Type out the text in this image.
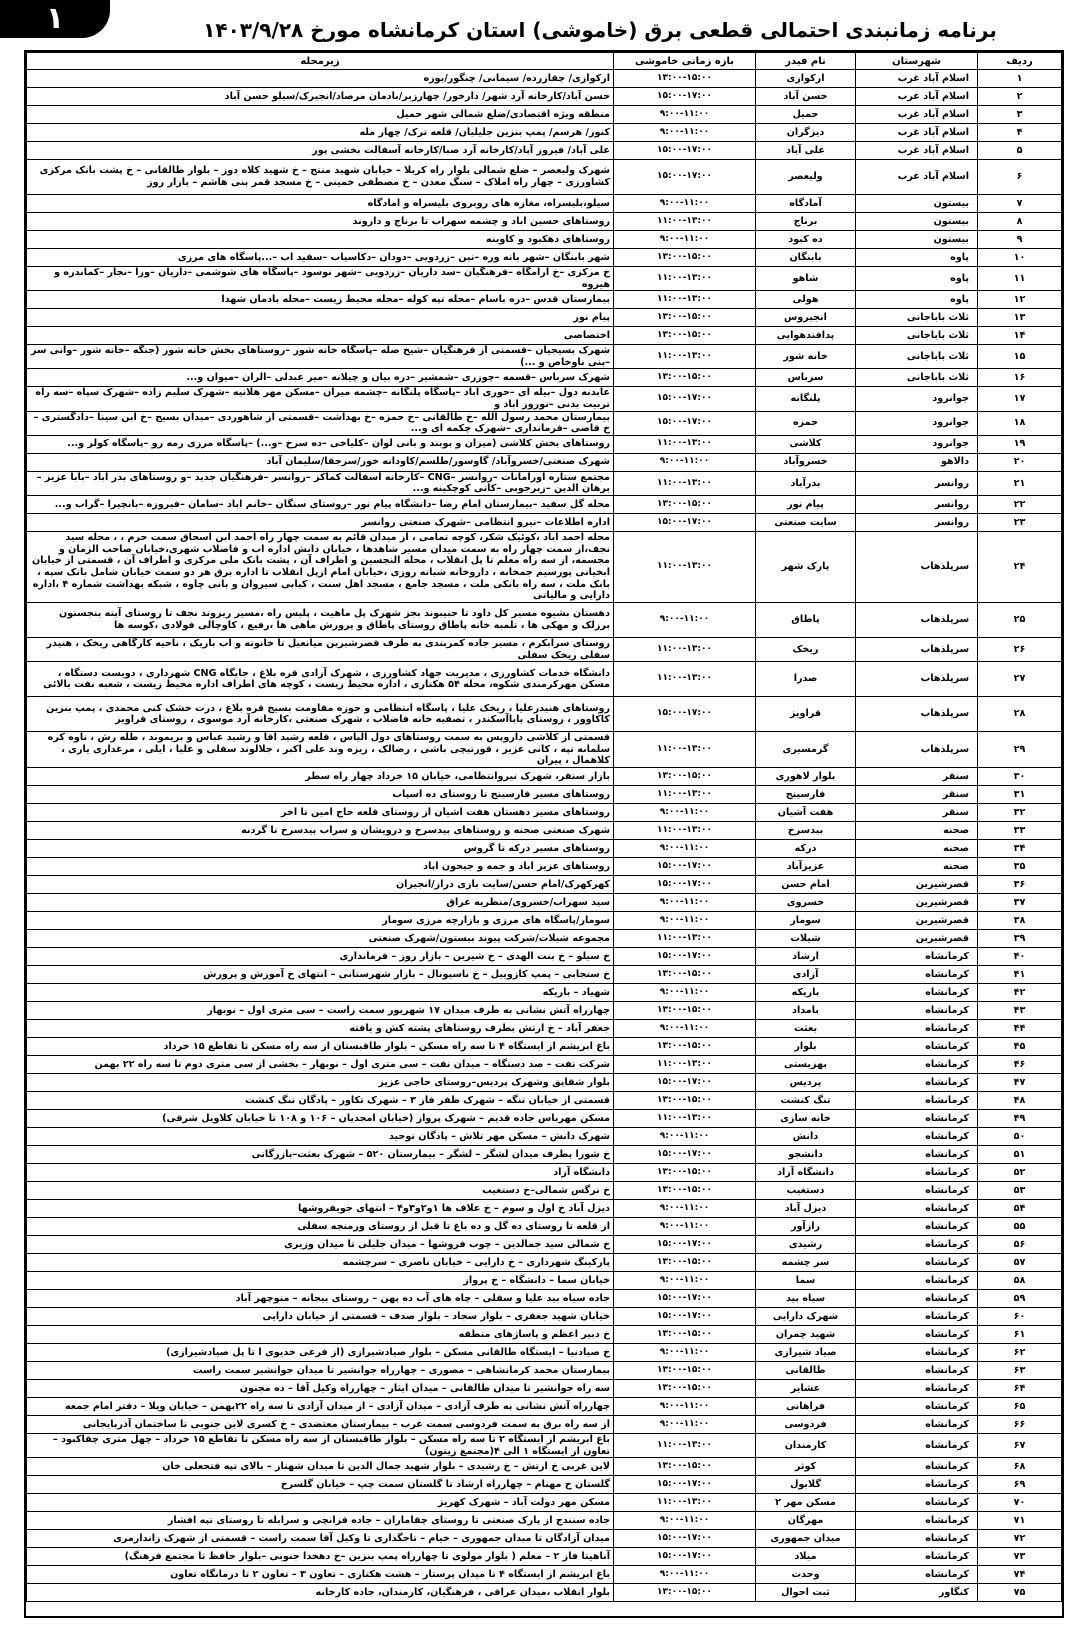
۱	برنامه زمانبندی احتمالی قطعی برق (خاموشی) استان کرمانشاه مورخ ۱۴۰۳/۹/۲۸
ردیف	شهرستان	نام فیدر	بازه زمانی خاموشی	زیرمحله
۱	اسلام آباد غرب	ارکوازی	۱۳:۰۰-۱۵:۰۰	ارکوازی/ چقازرده/ سیمانی/ چنگور/بوزه
۲	اسلام آباد غرب	حسن آباد	۱۵:۰۰-۱۷:۰۰	حسن آباد/کارخانه آرد شهر/ دارخور/ چهارزبر/بادمان مرصاد/انجیرک/سیلو حسن آباد
۳	اسلام آباد غرب	حمیل	۹:۰۰-۱۱:۰۰	منطقه ویژه اقتصادی/ضلع شمالی شهر حمیل
۴	اسلام آباد غرب	دیزگران	۹:۰۰-۱۱:۰۰	کنور/ هرسم/ پمپ بنزین جلیلیان/ قلعه ترک/ چهار مله
۵	اسلام آباد غرب	علی آباد	۱۵:۰۰-۱۷:۰۰	علی آباد/ فیروز آباد/کارخانه آرد صبا/کارخانه آسفالت بخشی پور
۶	اسلام آباد غرب	ولیعصر	۱۵:۰۰-۱۷:۰۰	شهرک ولیعصر – ضلع شمالی بلوار راه کربلا – خیابان شهید منتج – خ شهید کلاه دوز – بلوار طالقانی – خ پشت بانک مرکزی کشاورزی – چهار راه املاک – سنگ معدن – خ مصطفی خمینی – خ مسجد قمر بنی هاشم – بازار روز
۷	بیستون	آمادگاه	۹:۰۰-۱۱:۰۰	سیلو،بلیسراه، مغازه های روبروی بلیسراه و امادگاه
۸	بیستون	برناج	۱۱:۰۰-۱۳:۰۰	روستاهای حسین اباد و چشمه سهراب تا برناج و داروند
۹	بیستون	ده کبود	۹:۰۰-۱۱:۰۰	روستاهای دهکبود و کاوینه
۱۰	پاوه	بابنگان	۱۳:۰۰-۱۵:۰۰	شهر بابنگان –شهر بانه وره –نین –زردویی –دودان –دکاسیاب –سفید اب –...پاسگاه های مرزی
۱۱	پاوه	شاهو	۱۱:۰۰-۱۳:۰۰	خ مرکزی –خ آرامگاه –فرهنگیان –سد داریان –زردویی –شهر نوسود –پاسگاه های شوشمی –داریان –ورا –نجار –کماندره و هیروه
۱۲	پاوه	هولی	۱۱:۰۰-۱۳:۰۰	بیمارستان قدس –دره باسام –محله تپه کوله –محله محیط زیست –محله بادمان شهدا
۱۳	ثلاث باباجانی	انجیروس	۱۳:۰۰-۱۵:۰۰	پیام نور
۱۴	ثلاث باباجانی	پدافندهوایی	۱۳:۰۰-۱۵:۰۰	اختصاصی
۱۵	ثلاث باباجانی	خانه شور	۱۱:۰۰-۱۳:۰۰	شهرک بسیجیان –قسمتی از فرهنگیان –شیخ صله –پاسگاه خانه شور –روستاهای بخش خانه شور (جنگه –خانه شور –وانی سر –بنی ناوخاص و ...)
۱۶	ثلاث باباجانی	سرباس	۱۳:۰۰-۱۵:۰۰	شهرک سرباس –قسمه –چوزری –شمشیر –دره بیان و چیلانه –میر عبدلی –الران –میوان و...
۱۷	جوانرود	پلنگانه	۱۵:۰۰-۱۷:۰۰	عابدنه دول –بیله ای –حوری اباد –پاسگاه پلنگانه –چشمه میران –مسکن مهر هلانیه –شهرک سلیم زاده –شهرک سپاه –سه راه تربیت بدنی –نوروز اباد و
۱۸	جوانرود	حمزه	۱۵:۰۰-۱۷:۰۰	بیمارستان محمد رسول الله –خ طالقانی –خ حمزه –خ بهداشت –قسمتی از شاهوردی –میدان بسیج –خ ابن سینا –دادگستری –خ قاضی –فرمانداری –شهرک چکمه ای و...
۱۹	جوانرود	کلاشی	۱۱:۰۰-۱۳:۰۰	روستاهای بخش کلاشی (میزان و بوبند و بانی لوان –کلیاخی –ده سرخ –و...) –پاسگاه مرزی رمه رو –پاسگاه کولر و...
۲۰	دالاهو	خسروآباد	۹:۰۰-۱۱:۰۰	شهرک صنعتی/خسروآباد/ گاوسور/طلسم/کاودانه خور/سرجقا/سلیمان آباد
۲۱	روانسر	بدرآباد	۱۱:۰۰-۱۳:۰۰	مجتمع ستاره اورامانات –روانسر –CNG –کارخانه آسفالت کماکز –روانسر –فرهنگیان جدید –و روستاهای بدر اباد –بابا عزیز –برهان الدین –زبرجوبی –کانی کوچکینه و...
۲۲	روانسر	پیام نور	۱۳:۰۰-۱۵:۰۰	محله گل سفید –بیمارستان امام رضا –دانشگاه پیام نور –روستای سنگان –خانم اباد –سامان –فیروزه –بانچیرا –گراب و...
۲۳	روانسر	سایت صنعتی	۱۵:۰۰-۱۷:۰۰	اداره اطلاعات –نیرو انتظامی –شهرک صنعتی روانسر
۲۴	سرپلذهاب	پارک شهر	۱۱:۰۰-۱۳:۰۰	محله احمد آباد ،کوئیک شکر، کوچه تمامی ، از میدان قائم به سمت چهار راه احمد ابن اسحاق سمت حرم ، ، محله سید نجف،از سمت چهار راه به سمت میدان مسیر شاهدها ، خیابان دانش اداره اب و فاضلاب شهری،خیابان صاحب الزمان و مجسمه، از سه راه معلم تا پل انقلاب ، محله النجسین و اطراف آن ، پشت بانک ملی مرکزی و اطراف آن ، قسمتی از خیابان ابخیانی پورسیم جمخانه ، داروخانه شبانه روزی ،خیابان امام ازپل انقلاب تا اداره برق هر دو سمت خیابان شامل بانک سپه ، بانک ملت ، سه راه بانکی ملت ، مسجد جامع ، مسجد اهل سنت ، کبابی سیروان و بانی چاوه ، شبکه بهداشت شماره ۴ ،اداره دارایی و مالیاتی
۲۵	سرپلذهاب	پاطاق	۹:۰۰-۱۱:۰۰	دهستان بشیوه مسیر کل داود تا حبیبوند بجز شهرک پل ماهیت ، پلیس راه ،مسیر ریزوند نجف تا روستای آینه بنجستون برزلک و مهکی ها ، تلمبه خانه پاطاق روستای پاطاق و پرورش ماهی ها ،رفیع ، کاوچالی فولادی ،کوسه ها
۲۶	سرپلذهاب	ریخک	۱۱:۰۰-۱۳:۰۰	روستای سرابکرم ، مسیر جاده کمربندی به طرف قصرشیرین میانعیل تا خانوته و اب باریک ، ناحیه کارگاهی ریخک ، هنیدر سفلی ریخک سفلی
۲۷	سرپلذهاب	صدرا	۱۱:۰۰-۱۳:۰۰	دانشگاه خدمات کشاورزی ، مدیریت جهاد کشاورزی ، شهرک آزادی قره بلاغ ، جایگاه CNG شهرداری ، دویست دستگاه ، مسکن مهرکرمندی شکوه، محله ۵۴ هکتاری ، اداره محیط زیست ، کوچه های اطراف اداره محیط زیست ، شعبه نفت بالائی
۲۸	سرپلذهاب	قراویز	۱۵:۰۰-۱۷:۰۰	روستاهای هنیدرعلیا ، ریخک علیا ، پاسگاه انتظامی و حوزه مقاومت بسیج قره بلاغ ، درت خشک کنی محمدی ، پمپ بنزین کاکاوور ، روستای باباآسکندر ، تصفیه خانه فاضلاب ، شهرک صنعتی ،کارخانه آرد موسوی ، روستای قراویز
۲۹	سرپلذهاب	گرمسیری	۱۱:۰۰-۱۳:۰۰	قسمتی از کلاشی داروپس به سمت روستاهای دول الیاس ، قلعه رشید آقا و رشید عباس و بریموند ، طله رش ، ناوه کره سلمانه تپه ، کانی عزیز ، قورتیچی باشی ، رضالک ، ریزه وند علی اکبر ، جلالوند سفلی و علیا ، ایلی ، مرغداری یاری ، کلاهمال ، پیران
۳۰	سنقر	بلوار لاهوری	۱۳:۰۰-۱۵:۰۰	بازار سنقر، شهرک نیروانتظامی، خیابان ۱۵ خرداد چهار راه سطر
۳۱	سنقر	فارسینج	۱۱:۰۰-۱۳:۰۰	روستاهای مسیر فارسینج تا روستای ده اسپاب
۳۲	سنقر	هفت آشیان	۹:۰۰-۱۱:۰۰	روستاهای مسیر دهستان هفت اشیان از روستای قلعه حاج امین تا اخر
۳۳	صحنه	بیدسرخ	۱۱:۰۰-۱۳:۰۰	شهرک صنعتی صحنه و روستاهای بیدسرخ و درویشان و سراب بیدسرخ تا گردنه
۳۴	صحنه	درکه	۹:۰۰-۱۱:۰۰	روستاهای مسیر درکه تا گروس
۳۵	صحنه	عزیزآباد	۱۵:۰۰-۱۷:۰۰	روستاهای عزیز اباد و جمه و جیحون اباد
۳۶	قصرشیرین	امام حسن	۱۵:۰۰-۱۷:۰۰	کهرکهرک/امام حسن/سایت بازی دراز/انجیران
۳۷	قصرشیرین	خسروی	۹:۰۰-۱۱:۰۰	سید سهراب/خسروی/منظریه عراق
۳۸	قصرشیرین	سومار	۹:۰۰-۱۱:۰۰	سومار/پاسگاه های مرزی و بازارچه مرزی سومار
۳۹	قصرشیرین	شیلات	۱۱:۰۰-۱۳:۰۰	مجموعه شیلات/شرکت پیوند بیستون/شهرک صنعتی
۴۰	کرمانشاه	ارشاد	۱۵:۰۰-۱۷:۰۰	خ سیلو – خ بنت الهدی – خ شیرین – بازار روز – فرمانداری
۴۱	کرمانشاه	آزادی	۱۳:۰۰-۱۵:۰۰	خ سنجابی – پمپ کازوییل – خ ناسیونال – بازار شهرستانی – انتهای خ آموزش و پرورش
۴۲	کرمانشاه	باریکه	۹:۰۰-۱۱:۰۰	شهیاد – باریکه
۴۳	کرمانشاه	بامداد	۱۳:۰۰-۱۵:۰۰	چهارراه آتش نشانی به طرف میدان ۱۷ شهریور سمت راست – سی متری اول – نوبهار
۴۴	کرمانشاه	بعثت	۹:۰۰-۱۱:۰۰	جعفر آباد – خ ارتش بطرف روستاهای پشته کش و یافته
۴۵	کرمانشاه	بلوار	۱۳:۰۰-۱۵:۰۰	باغ ابریشم از ایستگاه ۴ تا سه راه مسکن – بلوار طاقبستان از سه راه مسکن تا تقاطع ۱۵ خرداد
۴۶	کرمانشاه	بهزیستی	۱۱:۰۰-۱۳:۰۰	شرکت نفت – صد دستگاه – میدان نفت – سی متری اول – نوبهار – بخشی از سی متری دوم تا سه راه ۲۲ بهمن
۴۷	کرمانشاه	پردیس	۱۵:۰۰-۱۷:۰۰	بلوار شقایق وشهرک پردیس–روستای حاجی عزیز
۴۸	کرمانشاه	تنگ کنشت	۱۳:۰۰-۱۵:۰۰	قسمتی از خیابان تنگه – شهرک ظفر فاز ۳ – شهرک تکاور – پادگان تنگ کنشت
۴۹	کرمانشاه	خانه سازی	۱۱:۰۰-۱۳:۰۰	مسکن مهرباس جاده قدیم – شهرک پرواز (خیابان امجدیان – ۱۰۶ و ۱۰۸ تا خیابان کلاویل شرقی)
۵۰	کرمانشاه	دانش	۹:۰۰-۱۱:۰۰	شهرک دانش – مسکن مهر تلاش – پادگان توحید
۵۱	کرمانشاه	دانشجو	۱۵:۰۰-۱۷:۰۰	خ شورا بطرف میدان لشگر – لشگر – بیمارستان ۵۲۰ – شهرک بعثت–بازرگانی
۵۲	کرمانشاه	دانشگاه آزاد	۱۳:۰۰-۱۵:۰۰	دانشگاه آزاد
۵۳	کرمانشاه	دستغیب	۱۳:۰۰-۱۵:۰۰	خ نرگس شمالی–خ دستغیب
۵۴	کرمانشاه	دیزل آباد	۹:۰۰-۱۱:۰۰	دیزل آباد خ اول و سوم – خ علاف ها ۱و۲و۳و۴ – انتهای جویفروشها
۵۵	کرمانشاه	رازآور	۹:۰۰-۱۱:۰۰	از قلعه تا روستای ده گل و ده باغ تا قبل از روستای ورمنجه سفلی
۵۶	کرمانشاه	رشیدی	۱۵:۰۰-۱۷:۰۰	خ شمالی سید جمالدین – چوب فروشها – میدان جلیلی تا میدان وزیری
۵۷	کرمانشاه	سر چشمه	۱۳:۰۰-۱۵:۰۰	پارکینگ شهرداری – خ دارایی – خیابان ناصری – سرچشمه
۵۸	کرمانشاه	سما	۹:۰۰-۱۱:۰۰	خیابان سما – دانشگاه – خ پرواز
۵۹	کرمانشاه	سیاه بید	۱۵:۰۰-۱۷:۰۰	جاده سیاه بید علیا و سفلی – چاه های آب ده پهن – روستای بیجانه – منوچهر آباد
۶۰	کرمانشاه	شهرک دارایی	۱۵:۰۰-۱۷:۰۰	خیابان شهید جعفری – بلوار سجاد – بلوار صدف – قسمتی از خیابان دارایی
۶۱	کرمانشاه	شهید چمران	۱۳:۰۰-۱۵:۰۰	خ دبیر اعظم و پاساژهای منطقه
۶۲	کرمانشاه	صیاد شیرازی	۹:۰۰-۱۱:۰۰	خ صیادنیا – ایستگاه طالقانی مسکن – بلوار صیادشیرازی (از فرعی خدیوی ا تا پل صیادشیرازی)
۶۳	کرمانشاه	طالقانی	۱۳:۰۰-۱۵:۰۰	بیمارستان محمد کرمانشاهی – مصوری – چهارراه جوانشیر تا میدان جوانشیر سمت راست
۶۴	کرمانشاه	عشایر	۱۳:۰۰-۱۵:۰۰	سه راه جوانشیر تا میدان طالقانی – میدان ایثار – چهارراه وکیل آقا – ده مجنون
۶۵	کرمانشاه	فراهانی	۹:۰۰-۱۱:۰۰	چهارراه آتش نشانی به طرف آزادی – میدان آزادی – از میدان آزادی تا سه راه ۲۲بهمن – خیابان ویلا – دفتر امام جمعه
۶۶	کرمانشاه	فردوسی	۹:۰۰-۱۱:۰۰	از سه راه برق به سمت فردوسی سمت غرب – بیمارستان معتضدی – خ کسری لاین جنوبی تا ساختمان آذربایجانی
۶۷	کرمانشاه	کارمندان	۱۱:۰۰-۱۳:۰۰	باغ ابریشم از ایستگاه ۲ تا سه راه مسکن – بلوار طاقبستان از سه راه مسکن تا تقاطع ۱۵ خرداد – چهل متری چقاکبود – تعاون از ایستگاه ۱ الی ۴(مجتمع زیتون)
۶۸	کرمانشاه	کوثر	۱۳:۰۰-۱۵:۰۰	لاین غربی خ ارتش – خ رشیدی – بلوار شهید جمال الدین تا میدان شهناز – بالای تپه فتحعلی خان
۶۹	کرمانشاه	گلابول	۱۵:۰۰-۱۷:۰۰	گلستان خ مهنام – چهارراه ارشاد تا گلستان سمت چپ – خیابان گلسرخ
۷۰	کرمانشاه	مسکن مهر ۲	۱۱:۰۰-۱۳:۰۰	مسکن مهر دولت آباد – شهرک کهریز
۷۱	کرمانشاه	مهرگان	۹:۰۰-۱۱:۰۰	جاده سنندج از پارک صنعتی تا روستای چقاماران – جاده قزانچی و سرابله تا روستای تپه افشار
۷۲	کرمانشاه	میدان جمهوری	۱۵:۰۰-۱۷:۰۰	میدان آزادگان تا میدان جمهوری – خیام – تاجگذاری تا وکیل آقا سمت راست – قسمتی از شهرک زاندارمری
۷۳	کرمانشاه	میلاد	۱۵:۰۰-۱۷:۰۰	آناهیتا فاز ۲ – معلم ( بلوار مولوی تا چهارراه پمپ بنزین –خ دهخدا جنوبی –بلوار حافظ تا مجتمع فرهنگ)
۷۴	کرمانشاه	وحدت	۹:۰۰-۱۱:۰۰	باغ ابریشم از ایستگاه ۴ تا میدان پرستار – هشت هکتاری – تعاون ۳ – تعاون ۲ تا درمانگاه تعاون
۷۵	کنگاور	ثبت احوال	۱۳:۰۰-۱۵:۰۰	بلوار انقلاب ،میدان عراقی ، فرهنگیان، کارمندان، جاده کارخانه
